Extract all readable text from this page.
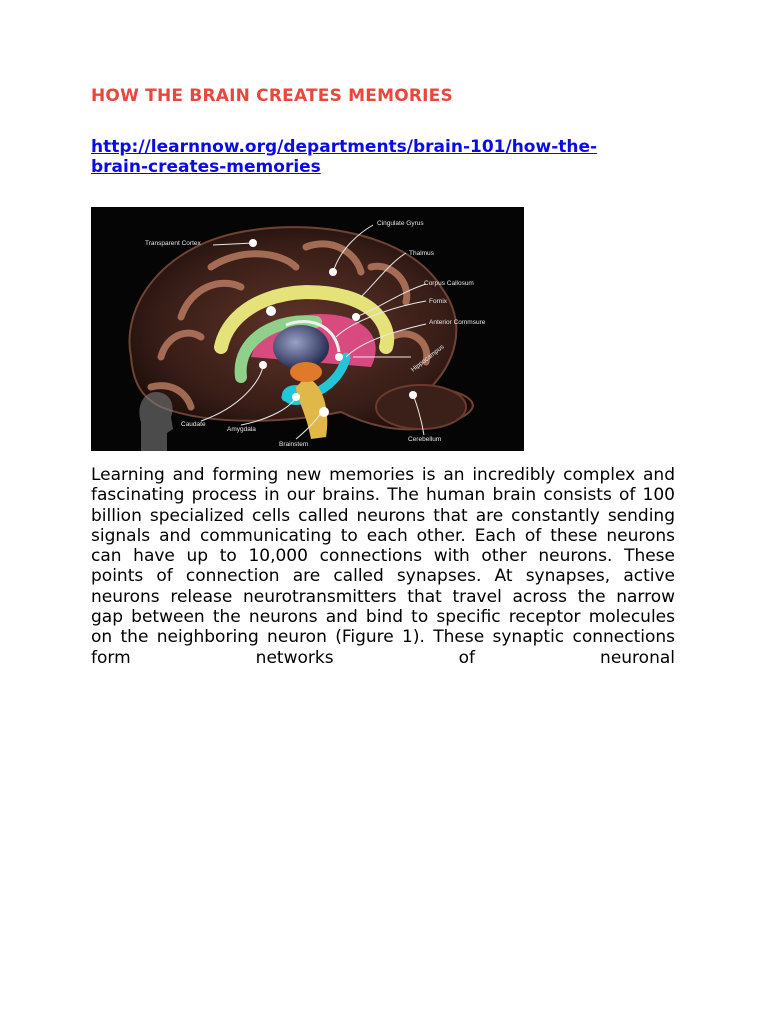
HOW THE BRAIN CREATES MEMORIES
http://learnnow.org/departments/brain-101/how-the-
brain-creates-memories
Transparent Cortex
Cingulate Gyrus
Thalmus
Corpus Callosum
Fornix
Anterior Commsure
Hippocampus
Caudate
Amygdala
Brainstem
Cerebellum
Learning and forming new memories is an incredibly complex and fascinating process in our brains. The human brain consists of 100 billion specialized cells called neurons that are constantly sending signals and communicating to each other. Each of these neurons can have up to 10,000 connections with other neurons. These points of connection are called synapses. At synapses, active neurons release neurotransmitters that travel across the narrow gap between the neurons and bind to specific receptor molecules on the neighboring neuron (Figure 1). These synaptic connections form networks of neuronal
